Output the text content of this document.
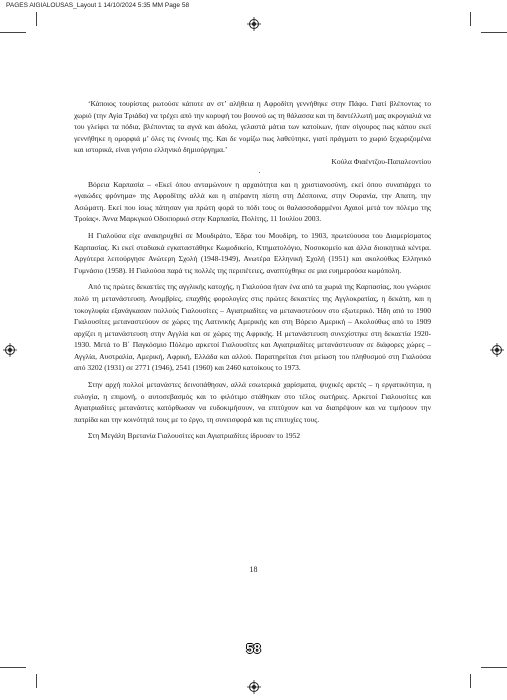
PAGES AIGIALOUSAS_Layout 1 14/10/2024 5:35 MM Page 58

‘Κάποιος τουρίστας ρωτούσε κάποτε αν στ’ αλήθεια η Αφροδίτη γεννήθηκε στην Πάφο. Γιατί βλέποντας το χωριό (την Αγία Τριάδα) να τρέχει από την κορυφή του βουνού ως τη θάλασσα και τη δαντέλλωτή μας ακρογιαλιά να του γλείφει τα πόδια, βλέποντας τα αγνά και άδολα, γελαστά μάτια των κατοίκων, ήταν σίγουρος πως κάπου εκεί γεννήθηκε η ομορφιά μ’ όλες τις έννοιές της. Και δε νομίζω πως λαθεύτηκε, γιατί πράγματι το χωριό ξεχωριζομένα και ιστορικά, είναι γνήσιο ελληνικό δημιούργημα.’

Κούλα Φιαέντζου-Παπαλεοντίου

·

Βόρεια Καρπασία – «Εκεί όπου ανταμώνουν η αρχαιότητα και η χριστιανοσύνη, εκεί όπου συναπάρχει το «γαιώδες φρόνημα» της Αφροδίτης αλλά και η απέραντη πίστη στη Δέσποινα, στην Ουρανία, την Απατη, την Ασώματη. Εκεί που ίσως πάτησαν για πρώτη φορά το πόδι τους οι θαλασσοδαρμένοι Αχαιοί μετά τον πόλεμο της Τροίας». Άννα Μαρκγκού Οδοιπορικό στην Καρπασία, Πολίτης, 11 Ιουλίου 2003.

Η Γιαλούσα είχε ανακηρυχθεί σε Μουδιράτο, Έδρα του Μουδίρη, το 1903, πρωτεύουσα του Διαμερίσματος Καρπασίας. Κι εκεί σταδιακά εγκαταστάθηκε Κωμοδικείο, Κτηματολόγιο, Νοσοκομείο και άλλα διοικητικά κέντρα. Αργότερα λειτούργησε Ανώτερη Σχολή (1948-1949), Ανωτέρα Ελληνική Σχολή (1951) και ακολούθως Ελληνικό Γυμνάσιο (1958). Η Γιαλούσα παρά τις πολλές της περιπέτειες, αναπτύχθηκε σε μια ευημερούσα κωμόπολη.

Από τις πρώτες δεκαετίες της αγγλικής κατοχής, η Γιαλούσα ήταν ένα από τα χωριά της Καρπασίας, που γνώρισε πολύ τη μετανάστευση. Ανομβρίες, επαχθής φορολογίες στις πρώτες δεκαετίες της Αγγλοκρατίας, η δεκάτη, και η τοκογλυφία εξανάγκασαν πολλούς Γιαλουσίτες – Αγιατριαδίτες να μεταναστεύουν στο εξωτερικό. Ήδη από το 1900 Γιαλουσίτες μεταναστεύουν σε χώρες της Λατινικής Αμερικής και στη Βόρειο Αμερική – Ακολούθως από το 1909 αρχίζει η μετανάστευση στην Αγγλία και σε χώρες της Αφρικής. Η μετανάστευση συνεχίστηκε στη δεκαετία 1920-1930. Μετά το Β΄ Παγκόσμιο Πόλεμο αρκετοί Γιαλουσίτες και Αγιατριαδίτες μετανάστευσαν σε διάφορες χώρες – Αγγλία, Αυστραλία, Αμερική, Αφρική, Ελλάδα και αλλού. Παρατηρείται έτσι μείωση του πληθυσμού στη Γιαλούσα από 3202 (1931) σε 2771 (1946), 2541 (1960) και 2460 κατοίκους το 1973.

Στην αρχή πολλοί μετανάστες δεινοπάθησαν, αλλά εσωτερικά χαρίσματα, ψυχικές αρετές – η εργατικότητα, η ευλογία, η επιμονή, ο αυτοσεβασμός και το φιλότιμο στάθηκαν στο τέλος σωτήριες. Αρκετοί Γιαλουσίτες και Αγιατριαδίτες μετανάστες κατόρθωσαν να ευδοκιμήσουν, να επιτύχουν και να διαπρέψουν και να τιμήσουν την πατρίδα και την κοινότητά τους με το έργο, τη συνεισφορά και τις επιτυχίες τους.

Στη Μεγάλη Βρετανία Γιαλουσίτες και Αγιατριαδίτες ίδρυσαν το 1952

18
58
